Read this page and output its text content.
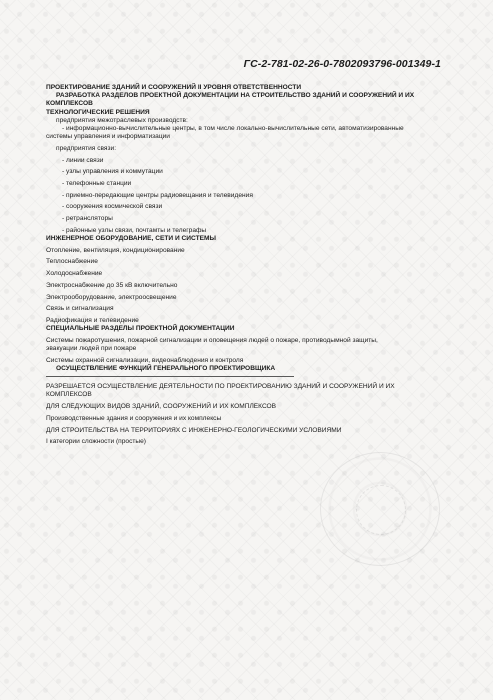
ГС-2-781-02-26-0-7802093796-001349-1
ПРОЕКТИРОВАНИЕ ЗДАНИЙ И СООРУЖЕНИЙ II УРОВНЯ ОТВЕТСТВЕННОСТИ
РАЗРАБОТКА РАЗДЕЛОВ ПРОЕКТНОЙ ДОКУМЕНТАЦИИ НА СТРОИТЕЛЬСТВО ЗДАНИЙ И СООРУЖЕНИЙ И ИХ
КОМПЛЕКСОВ
ТЕХНОЛОГИЧЕСКИЕ РЕШЕНИЯ
предприятия межотраслевых производств:
- информационно-вычислительные центры, в том числе локально-вычислительные сети, автоматизированные
системы управления и информатизации
предприятия связи:
- линии связи
- узлы управления и коммутации
- телефонные станции
- приемно-передающие центры радиовещания и телевидения
- сооружения космической связи
- ретрансляторы
- районные узлы связи, почтамты и телеграфы
ИНЖЕНЕРНОЕ ОБОРУДОВАНИЕ, СЕТИ И СИСТЕМЫ
Отопление, вентиляция, кондиционирование
Теплоснабжение
Холодоснабжение
Электроснабжение до 35 кВ включительно
Электрооборудование, электроосвещение
Связь и сигнализация
Радиофикация и телевидение
СПЕЦИАЛЬНЫЕ РАЗДЕЛЫ ПРОЕКТНОЙ ДОКУМЕНТАЦИИ
Системы пожаротушения, пожарной сигнализации и оповещения людей о пожаре, противодымной защиты,
эвакуации людей при пожаре
Системы охранной сигнализации, видеонаблюдения и контроля
ОСУЩЕСТВЛЕНИЕ ФУНКЦИЙ ГЕНЕРАЛЬНОГО ПРОЕКТИРОВЩИКА
РАЗРЕШАЕТСЯ ОСУЩЕСТВЛЕНИЕ ДЕЯТЕЛЬНОСТИ ПО ПРОЕКТИРОВАНИЮ ЗДАНИЙ И СООРУЖЕНИЙ И ИХ
КОМПЛЕКСОВ
ДЛЯ СЛЕДУЮЩИХ ВИДОВ ЗДАНИЙ, СООРУЖЕНИЙ И ИХ КОМПЛЕКСОВ
Производственные здания и сооружения и их комплексы
ДЛЯ СТРОИТЕЛЬСТВА НА ТЕРРИТОРИЯХ С ИНЖЕНЕРНО-ГЕОЛОГИЧЕСКИМИ УСЛОВИЯМИ
I категории сложности (простые)
